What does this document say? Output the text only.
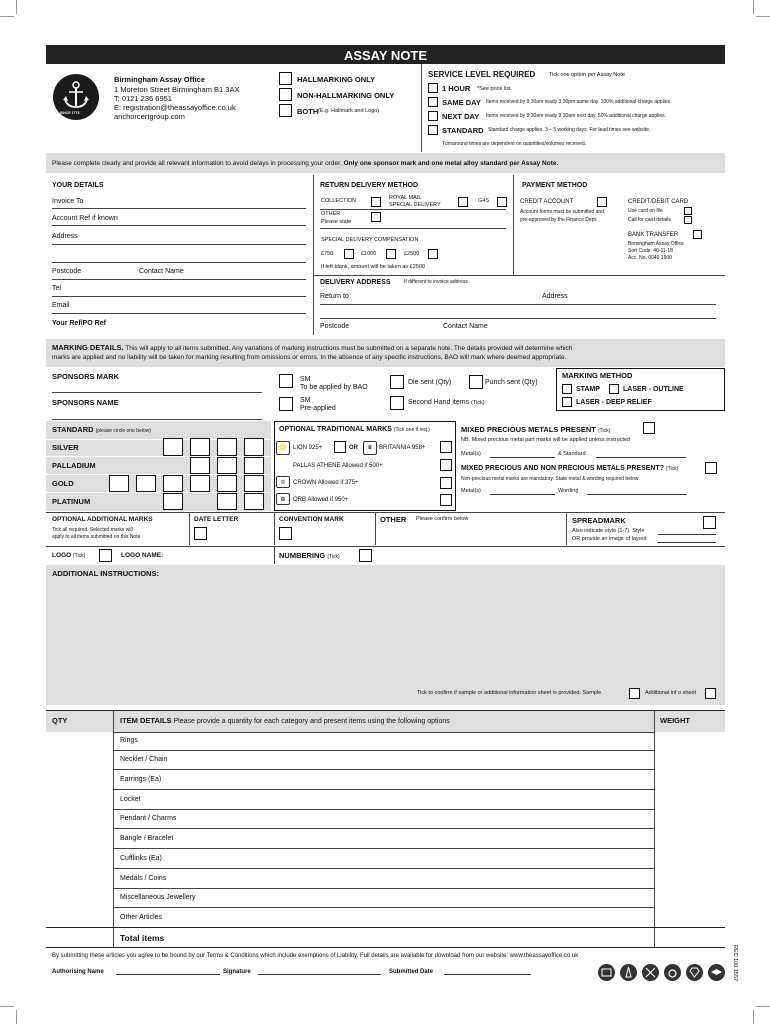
ASSAY NOTE
SINCE 1773
Birmingham Assay Office
1 Moreton Street Birmingham B1 3AX
T: 0121 236 6951
E: registration@theassayoffice.co.uk
anchorcertgroup.com
HALLMARKING ONLY
NON-HALLMARKING ONLY
BOTH (E.g. Hallmark and Logo)
SERVICE LEVEL REQUIRED Tick one option per Assay Note
1 HOUR *See price list
SAME DAY Items received by 9:30am ready 3:30pm same day. 100% additional charge applies.
NEXT DAY Items received by 9:30am ready 9:30am next day. 50% additional charge applies.
STANDARD Standard charge applies. 3 – 5 working days. For lead times see website.
Turnaround times are dependent on quantities/volumes received.
Please complete clearly and provide all relevant information to avoid delays in processing your order. Only one sponsor mark and one metal alloy standard per Assay Note.
YOUR DETAILS
Invoice To
Account Ref if known
Address
Postcode	Contact Name
Tel
Email
Your Ref/PO Ref
RETURN DELIVERY METHOD
COLLECTION	ROYAL MAIL
SPECIAL DELIVERY
G4S
OTHER
Please state
SPECIAL DELIVERY COMPENSATION
£750	£1000	£2500
If left blank, amount will be taken as £2500
PAYMENT METHOD
CREDIT ACCOUNT
Account forms must be submitted and
pre-approved by the Finance Dept.
CREDIT/DEBIT CARD
Use card on file
Call for card details
BANK TRANSFER
Birmingham Assay Office
Sort Code: 40-11-18
Acc. No. 0040 1900
DELIVERY ADDRESS	If different to invoice address
Return to	Address
Postcode	Contact Name
MARKING DETAILS. This will apply to all items submitted. Any variations of marking instructions must be submitted on a separate note. The details provided will determine which
marks are applied and no liability will be taken for marking resulting from omissions or errors. In the absence of any specific instructions, BAO will mark where deemed appropriate.
SPONSORS MARK
SPONSORS NAME
SM
To be applied by BAO
SM
Pre-applied
Die sent (Qty)	Punch sent (Qty)
Second Hand items (Tick)
MARKING METHOD
STAMP	LASER - OUTLINE
LASER - DEEP RELIEF
STANDARD (please circle one below)
SILVER
PALLADIUM
GOLD
PLATINUM
OPTIONAL TRADITIONAL MARKS (Tick one if req.)
♌	LION 925+	OR	♛	BRITANNIA 958+
PALLAS ATHENE Allowed if 500+
♔	CROWN Allowed if 375+
⊕	ORB Allowed if 950+
MIXED PRECIOUS METALS PRESENT (Tick)
NB. Mixed precious metal part marks will be applied unless instructed
Metal(s)	& Standard
MIXED PRECIOUS AND NON PRECIOUS METALS PRESENT? (Tick)
Non-precious metal marks are mandatory. State metal & wording required below
Metal(s)	Wording
OPTIONAL ADDITIONAL MARKS
Tick all required. Selected marks will
apply to all items submitted on this Note
DATE LETTER	CONVENTION MARK	OTHER Please confirm below	SPREADMARK
Also indicate style (1-7). Style
OR provide an image of layout
LOGO (Tick)	LOGO NAME:	NUMBERING (Tick)
ADDITIONAL INSTRUCTIONS:
Tick to confirm if sample or additional information sheet is provided. Sample	Additional inf o sheet
QTY	ITEM DETAILS Please provide a quantity for each category and present items using the following options	WEIGHT
Rings
Necklet / Chain
Earrings (Ea)
Locket
Pendant / Charms
Bangle / Bracelet
Cufflinks (Ea)
Medals / Coins
Miscellaneous Jewellery
Other Articles
Total items
By submitting these articles you agree to be bound by our Terms & Conditions which include exemptions of Liability. Full details are available for download from our website: www.theassayoffice.co.uk
Authorising Name	Signature	Submitted Date	REC 100 1557
